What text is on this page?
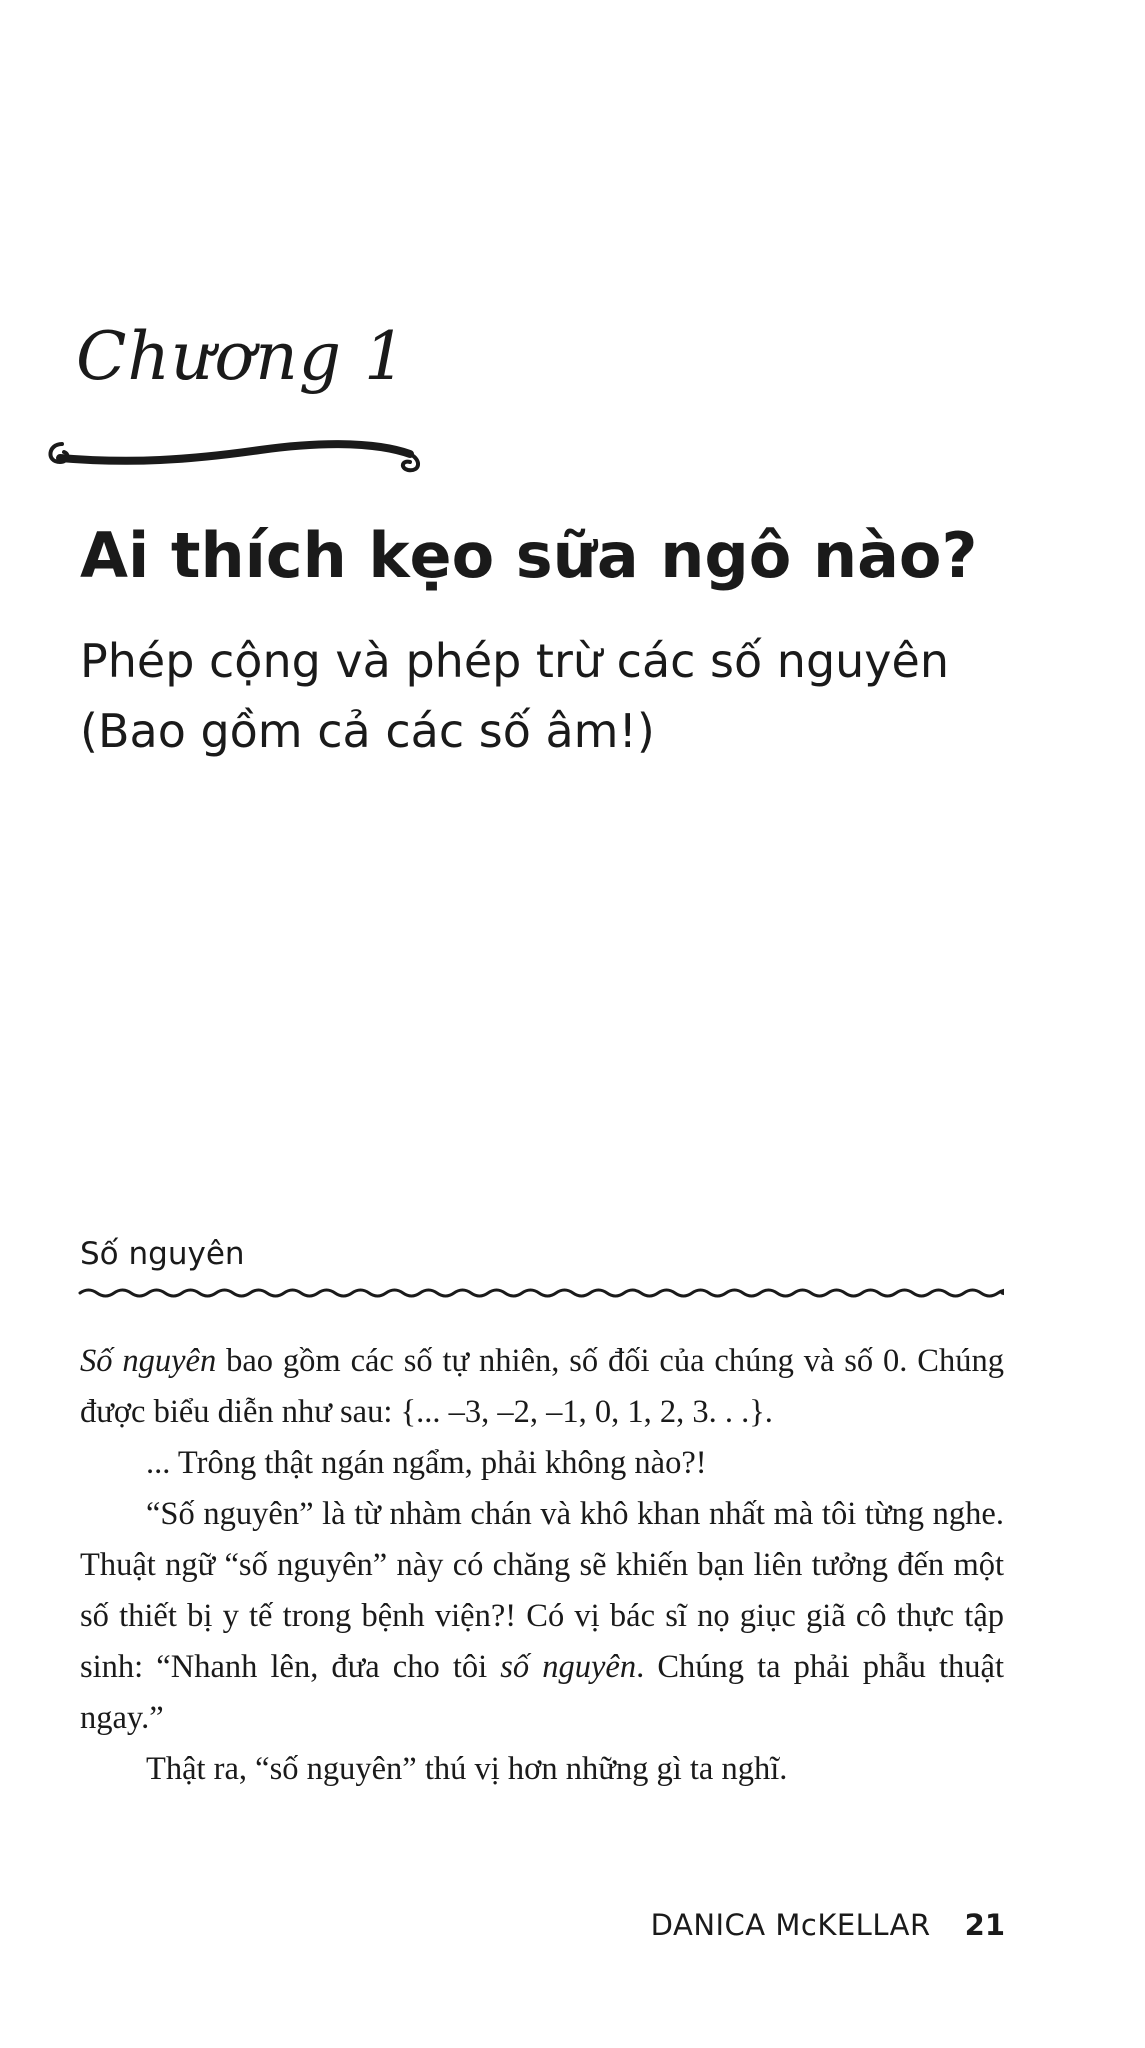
Chương 1
Ai thích kẹo sữa ngô nào?
Phép cộng và phép trừ các số nguyên
(Bao gồm cả các số âm!)
Số nguyên

Số nguyên bao gồm các số tự nhiên, số đối của chúng và số 0. Chúng được biểu diễn như sau: {... –3, –2, –1, 0, 1, 2, 3. . .}.

... Trông thật ngán ngẩm, phải không nào?!

“Số nguyên” là từ nhàm chán và khô khan nhất mà tôi từng nghe. Thuật ngữ “số nguyên” này có chăng sẽ khiến bạn liên tưởng đến một số thiết bị y tế trong bệnh viện?! Có vị bác sĩ nọ giục giã cô thực tập sinh: “Nhanh lên, đưa cho tôi số nguyên. Chúng ta phải phẫu thuật ngay.”

Thật ra, “số nguyên” thú vị hơn những gì ta nghĩ.

DANICA McKELLAR 21
